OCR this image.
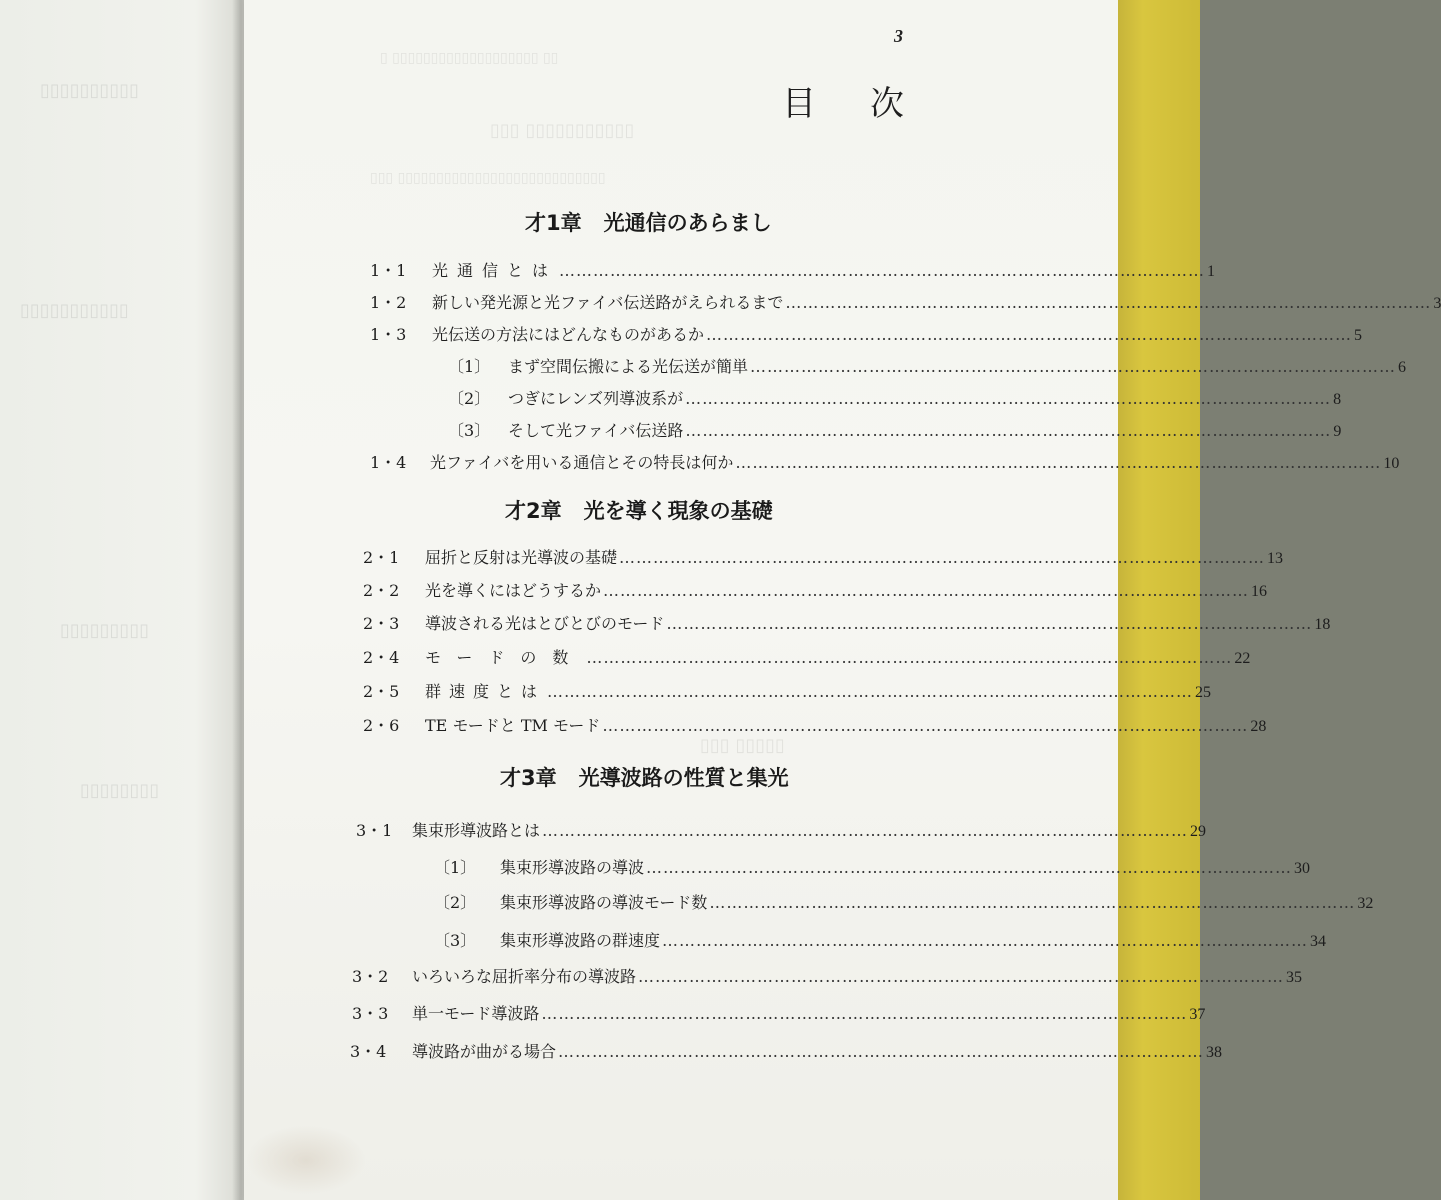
▯▯▯▯▯▯▯▯▯▯
▯▯▯▯▯▯▯▯▯▯▯
▯▯▯▯▯▯▯▯▯
▯▯▯▯▯▯▯▯
▯ ▯▯▯▯▯▯▯▯▯▯▯▯▯▯▯▯▯▯▯ ▯▯
▯▯▯ ▯▯▯▯▯▯▯▯▯▯▯
▯▯▯ ▯▯▯▯▯▯▯▯▯▯▯▯▯▯▯▯▯▯▯▯▯▯▯▯▯▯▯
▯▯▯ ▯▯▯▯▯
3
目次
才1章 光通信のあらまし
1・1	光通信とは …………………………………………………………………………………………………… 1
1・2	新しい発光源と光ファイバ伝送路がえられるまで …………………………………………………………………………………………………… 3
1・3	光伝送の方法にはどんなものがあるか …………………………………………………………………………………………………… 5
〔1〕	まず空間伝搬による光伝送が簡単 …………………………………………………………………………………………………… 6
〔2〕	つぎにレンズ列導波系が …………………………………………………………………………………………………… 8
〔3〕	そして光ファイバ伝送路 …………………………………………………………………………………………………… 9
1・4	光ファイバを用いる通信とその特長は何か …………………………………………………………………………………………………… 10
才2章 光を導く現象の基礎
2・1	屈折と反射は光導波の基礎 …………………………………………………………………………………………………… 13
2・2	光を導くにはどうするか …………………………………………………………………………………………………… 16
2・3	導波される光はとびとびのモード …………………………………………………………………………………………………… 18
2・4	モードの数 …………………………………………………………………………………………………… 22
2・5	群速度とは …………………………………………………………………………………………………… 25
2・6	TE モードと TM モード …………………………………………………………………………………………………… 28
才3章 光導波路の性質と集光
3・1	集束形導波路とは …………………………………………………………………………………………………… 29
〔1〕	集束形導波路の導波 …………………………………………………………………………………………………… 30
〔2〕	集束形導波路の導波モード数 …………………………………………………………………………………………………… 32
〔3〕	集束形導波路の群速度 …………………………………………………………………………………………………… 34
3・2	いろいろな屈折率分布の導波路 …………………………………………………………………………………………………… 35
3・3	単一モード導波路 …………………………………………………………………………………………………… 37
3・4	導波路が曲がる場合 …………………………………………………………………………………………………… 38
